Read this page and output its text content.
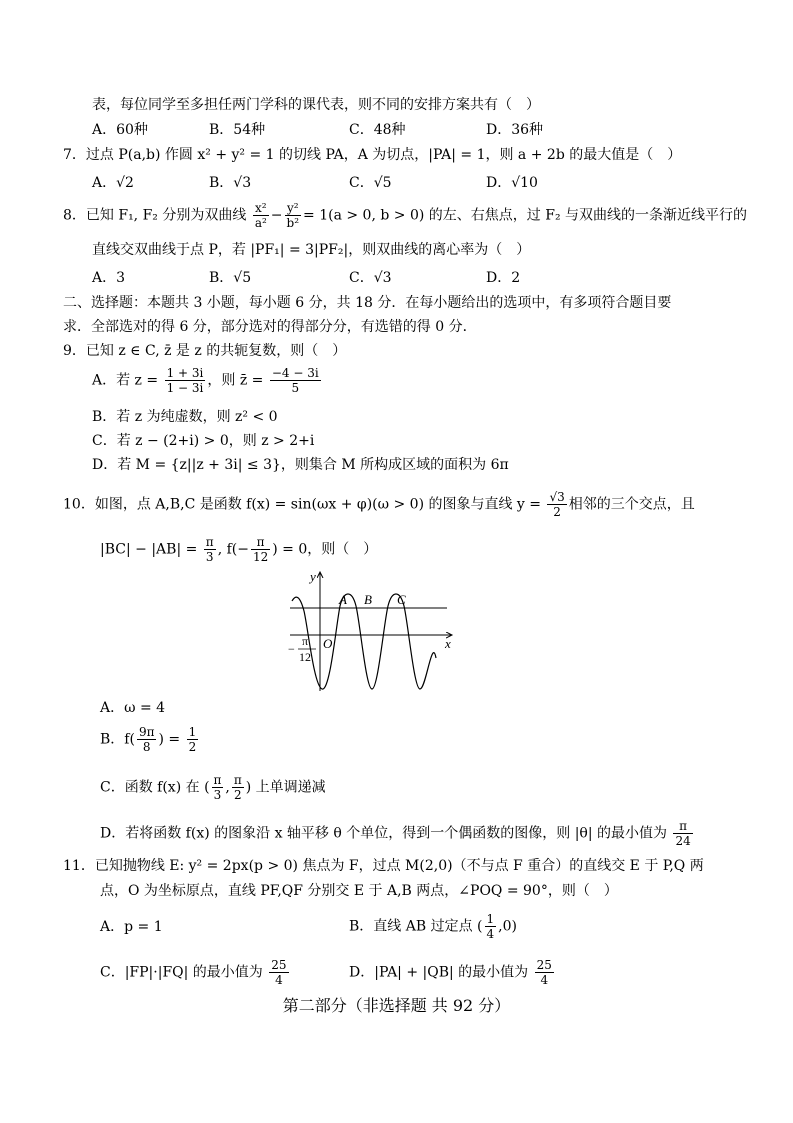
表，每位同学至多担任两门学科的课代表，则不同的安排方案共有（　）
A．60种	B．54种	C．48种	D．36种
7．过点 P(a,b) 作圆 x² + y² = 1 的切线 PA，A 为切点，|PA| = 1，则 a + 2b 的最大值是（　）
A．√2	B．√3	C．√5	D．√10
8．已知 F₁, F₂ 分别为双曲线 $\frac{\text{x²}}{\text{a²}} - \frac{\text{y²}}{\text{b²}} = 1(a > 0$, b > 0) 的左、右焦点，过 F₂ 与双曲线的一条渐近线平行的
直线交双曲线于点 P，若 |PF₁| = 3|PF₂|，则双曲线的离心率为（　）
A．3	B．√5	C．√3	D．2
二、选择题：本题共 3 小题，每小题 6 分，共 18 分．在每小题给出的选项中，有多项符合题目要
求．全部选对的得 6 分，部分选对的得部分分，有选错的得 0 分．
9．已知 z ∈ C, z̄ 是 z 的共轭复数，则（　）
A．若 $z = \frac{1 + 3i}{1 - 3i}$ ，则 z̄ = $\frac{-4 - 3i}{5}$
B．若 z 为纯虚数，则 z² < 0
C．若 z − (2+i) > 0，则 z > 2+i
D．若 M = {z||z + 3i| ≤ 3}，则集合 M 所构成区域的面积为 6π
10．如图，点 A,B,C 是函数 f(x) = sin(ωx + φ)(ω > 0) 的图象与直线 $y = \frac{√3}{2}$ 相邻的三个交点，且
$|BC| - |AB| = \frac{\pi}{3}$ , $f(- \frac{\pi}{12}$ ) = 0，则（　）
y
x
O
A B C
−
π
12
A．ω = 4
B．$f( \frac{9\pi}{8}$ ) = $\frac{1}{2}$
C．函数 f(x) 在 ( $\frac{\pi}{3}$ , $\frac{\pi}{2}$ ) 上单调递减
D．若将函数 f(x) 的图象沿 x 轴平移 θ 个单位，得到一个偶函数的图像，则 |θ| 的最小值为 $\frac{\pi}{24}$
11．已知抛物线 E: y² = 2px(p > 0) 焦点为 F，过点 M(2,0)（不与点 F 重合）的直线交 E 于 P,Q 两
点，O 为坐标原点，直线 PF,QF 分别交 E 于 A,B 两点，∠POQ = 90°，则（　）
A．p = 1	B．直线 AB 过定点 ( $\frac{1}{4} ,0$)
C．|FP|·|FQ| 的最小值为 $\frac{25}{4}$	D．|PA| + |QB| 的最小值为 $\frac{25}{4}$
第二部分（非选择题 共 92 分）
